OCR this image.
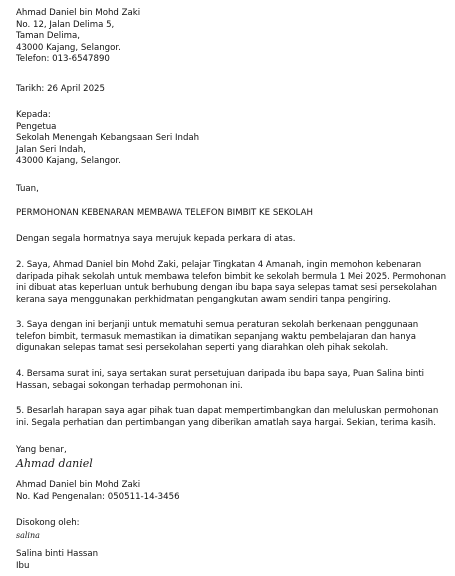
Ahmad Daniel bin Mohd Zaki
No. 12, Jalan Delima 5,
Taman Delima,
43000 Kajang, Selangor.
Telefon: 013-6547890
Tarikh: 26 April 2025
Kepada:
Pengetua
Sekolah Menengah Kebangsaan Seri Indah
Jalan Seri Indah,
43000 Kajang, Selangor.
Tuan,
PERMOHONAN KEBENARAN MEMBAWA TELEFON BIMBIT KE SEKOLAH
Dengan segala hormatnya saya merujuk kepada perkara di atas.
2. Saya, Ahmad Daniel bin Mohd Zaki, pelajar Tingkatan 4 Amanah, ingin memohon kebenaran daripada pihak sekolah untuk membawa telefon bimbit ke sekolah bermula 1 Mei 2025. Permohonan ini dibuat atas keperluan untuk berhubung dengan ibu bapa saya selepas tamat sesi persekolahan kerana saya menggunakan perkhidmatan pengangkutan awam sendiri tanpa pengiring.
3. Saya dengan ini berjanji untuk mematuhi semua peraturan sekolah berkenaan penggunaan telefon bimbit, termasuk memastikan ia dimatikan sepanjang waktu pembelajaran dan hanya digunakan selepas tamat sesi persekolahan seperti yang diarahkan oleh pihak sekolah.
4. Bersama surat ini, saya sertakan surat persetujuan daripada ibu bapa saya, Puan Salina binti Hassan, sebagai sokongan terhadap permohonan ini.
5. Besarlah harapan saya agar pihak tuan dapat mempertimbangkan dan meluluskan permohonan ini. Segala perhatian dan pertimbangan yang diberikan amatlah saya hargai. Sekian, terima kasih.
Yang benar,
Ahmad daniel
Ahmad Daniel bin Mohd Zaki
No. Kad Pengenalan: 050511-14-3456
Disokong oleh:
salina
Salina binti Hassan
Ibu
